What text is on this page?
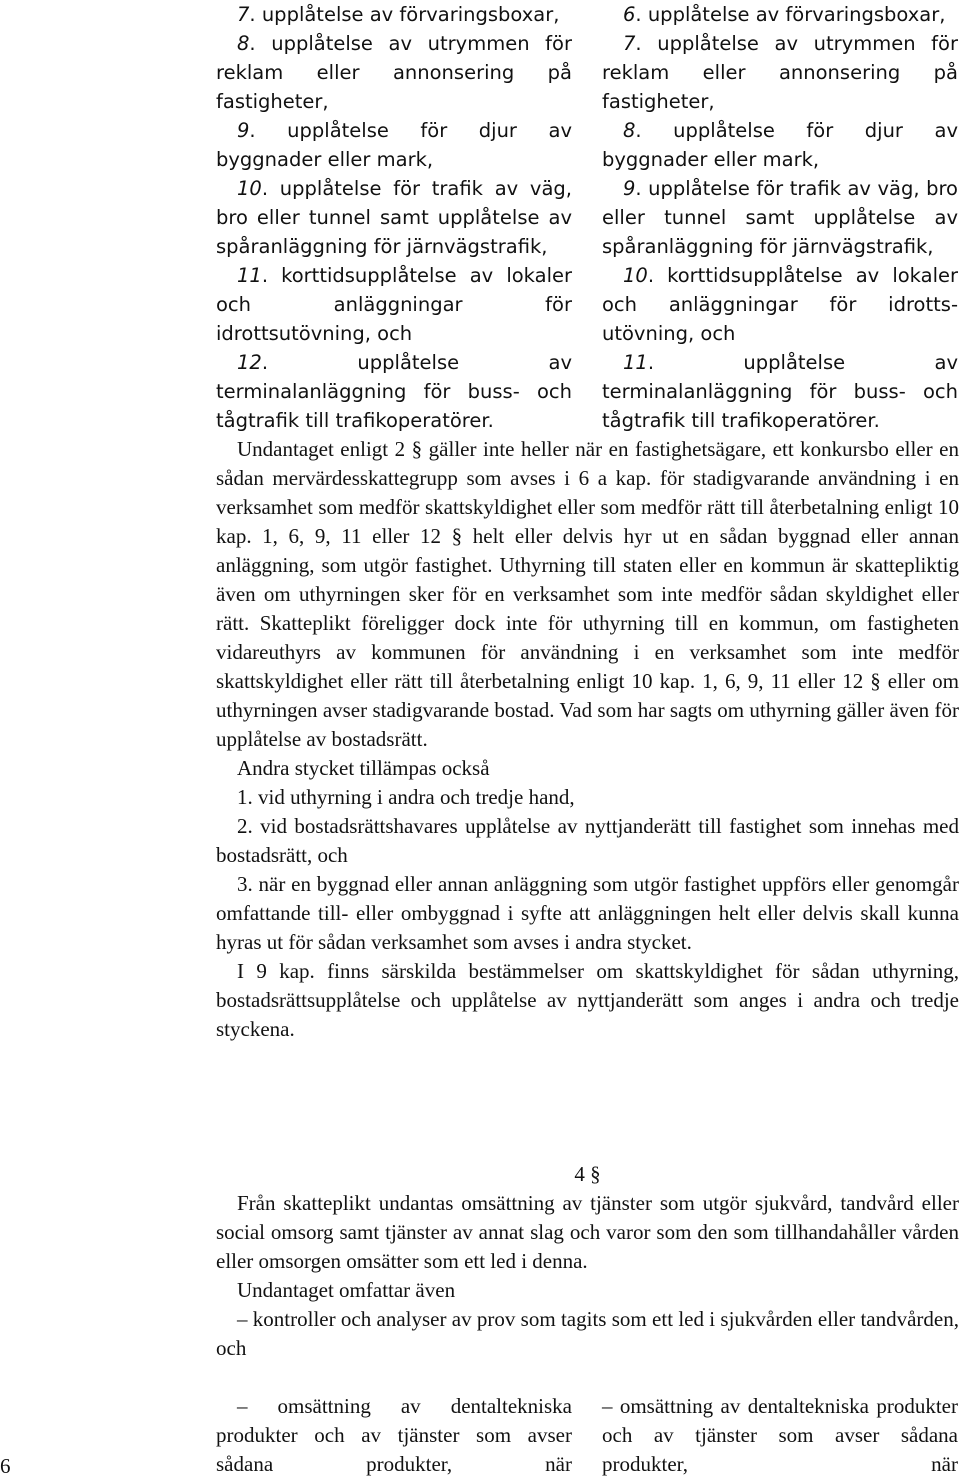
7. upplåtelse av förvaringsboxar,

8. upplåtelse av utrymmen för reklam eller annonsering på fastigheter,

9. upplåtelse för djur av byggnader eller mark,

10. upplåtelse för trafik av väg, bro eller tunnel samt upplåtelse av spåranläggning för järnvägstrafik,

11. korttidsupplåtelse av lokaler och anläggningar för idrottsutövning, och

12. upplåtelse av terminalanläggning för buss- och tågtrafik till trafikoperatörer.

6. upplåtelse av förvaringsboxar,

7. upplåtelse av utrymmen för reklam eller annonsering på fastigheter,

8. upplåtelse för djur av byggnader eller mark,

9. upplåtelse för trafik av väg, bro eller tunnel samt upplåtelse av spåranläggning för järnvägstrafik,

10. korttidsupplåtelse av lokaler och anläggningar för idrottsutövning, och

11. upplåtelse av terminalanläggning för buss- och tågtrafik till trafikoperatörer.

Undantaget enligt 2 § gäller inte heller när en fastighetsägare, ett konkursbo eller en sådan mervärdesskattegrupp som avses i 6 a kap. för stadigvarande användning i en verksamhet som medför skattskyldighet eller som medför rätt till återbetalning enligt 10 kap. 1, 6, 9, 11 eller 12 § helt eller delvis hyr ut en sådan byggnad eller annan anläggning, som utgör fastighet. Uthyrning till staten eller en kommun är skattepliktig även om uthyrningen sker för en verksamhet som inte medför sådan skyldighet eller rätt. Skatteplikt föreligger dock inte för uthyrning till en kommun, om fastigheten vidareuthyrs av kommunen för användning i en verksamhet som inte medför skattskyldighet eller rätt till återbetalning enligt 10 kap. 1, 6, 9, 11 eller 12 § eller om uthyrningen avser stadigvarande bostad. Vad som har sagts om uthyrning gäller även för upplåtelse av bostadsrätt.

Andra stycket tillämpas också

1. vid uthyrning i andra och tredje hand,

2. vid bostadsrättshavares upplåtelse av nyttjanderätt till fastighet som innehas med bostadsrätt, och

3. när en byggnad eller annan anläggning som utgör fastighet uppförs eller genomgår omfattande till- eller ombyggnad i syfte att anläggningen helt eller delvis skall kunna hyras ut för sådan verksamhet som avses i andra stycket.

I 9 kap. finns särskilda bestämmelser om skattskyldighet för sådan uthyrning, bostadsrättsupplåtelse och upplåtelse av nyttjanderätt som anges i andra och tredje styckena.

4 §

Från skatteplikt undantas omsättning av tjänster som utgör sjukvård, tandvård eller social omsorg samt tjänster av annat slag och varor som den som tillhandahåller vården eller omsorgen omsätter som ett led i denna.

Undantaget omfattar även

– kontroller och analyser av prov som tagits som ett led i sjukvården eller tandvården, och

– omsättning av dentaltekniska produkter och av tjänster som avser sådana produkter, när

– omsättning av dentaltekniska produkter och av tjänster som avser sådana produkter, när

6
